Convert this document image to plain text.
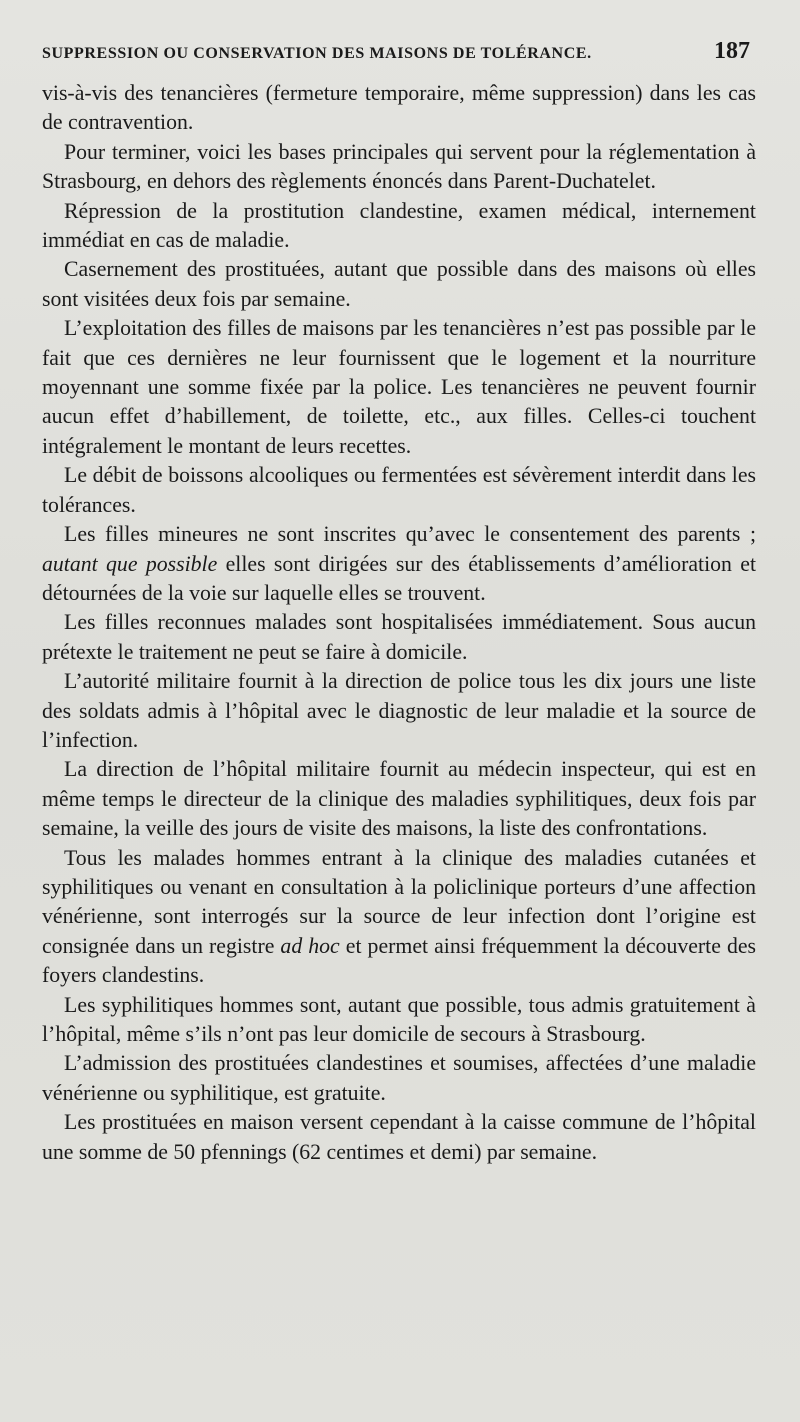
SUPPRESSION OU CONSERVATION DES MAISONS DE TOLÉRANCE.	187

vis-à-vis des tenancières (fermeture temporaire, même suppression) dans les cas de contravention.

Pour terminer, voici les bases principales qui servent pour la réglementation à Strasbourg, en dehors des règlements énoncés dans Parent-Duchatelet.

Répression de la prostitution clandestine, examen médical, internement immédiat en cas de maladie.

Casernement des prostituées, autant que possible dans des maisons où elles sont visitées deux fois par semaine.

L’exploitation des filles de maisons par les tenancières n’est pas possible par le fait que ces dernières ne leur fournissent que le logement et la nourriture moyennant une somme fixée par la police. Les tenancières ne peuvent fournir aucun effet d’habillement, de toilette, etc., aux filles. Celles-ci touchent intégralement le montant de leurs recettes.

Le débit de boissons alcooliques ou fermentées est sévèrement interdit dans les tolérances.

Les filles mineures ne sont inscrites qu’avec le consentement des parents ; autant que possible elles sont dirigées sur des établissements d’amélioration et détournées de la voie sur laquelle elles se trouvent.

Les filles reconnues malades sont hospitalisées immédiatement. Sous aucun prétexte le traitement ne peut se faire à domicile.

L’autorité militaire fournit à la direction de police tous les dix jours une liste des soldats admis à l’hôpital avec le diagnostic de leur maladie et la source de l’infection.

La direction de l’hôpital militaire fournit au médecin inspecteur, qui est en même temps le directeur de la clinique des maladies syphilitiques, deux fois par semaine, la veille des jours de visite des maisons, la liste des confrontations.

Tous les malades hommes entrant à la clinique des maladies cutanées et syphilitiques ou venant en consultation à la policlinique porteurs d’une affection vénérienne, sont interrogés sur la source de leur infection dont l’origine est consignée dans un registre ad hoc et permet ainsi fréquemment la découverte des foyers clandestins.

Les syphilitiques hommes sont, autant que possible, tous admis gratuitement à l’hôpital, même s’ils n’ont pas leur domicile de secours à Strasbourg.

L’admission des prostituées clandestines et soumises, affectées d’une maladie vénérienne ou syphilitique, est gratuite.

Les prostituées en maison versent cependant à la caisse commune de l’hôpital une somme de 50 pfennings (62 centimes et demi) par semaine.
